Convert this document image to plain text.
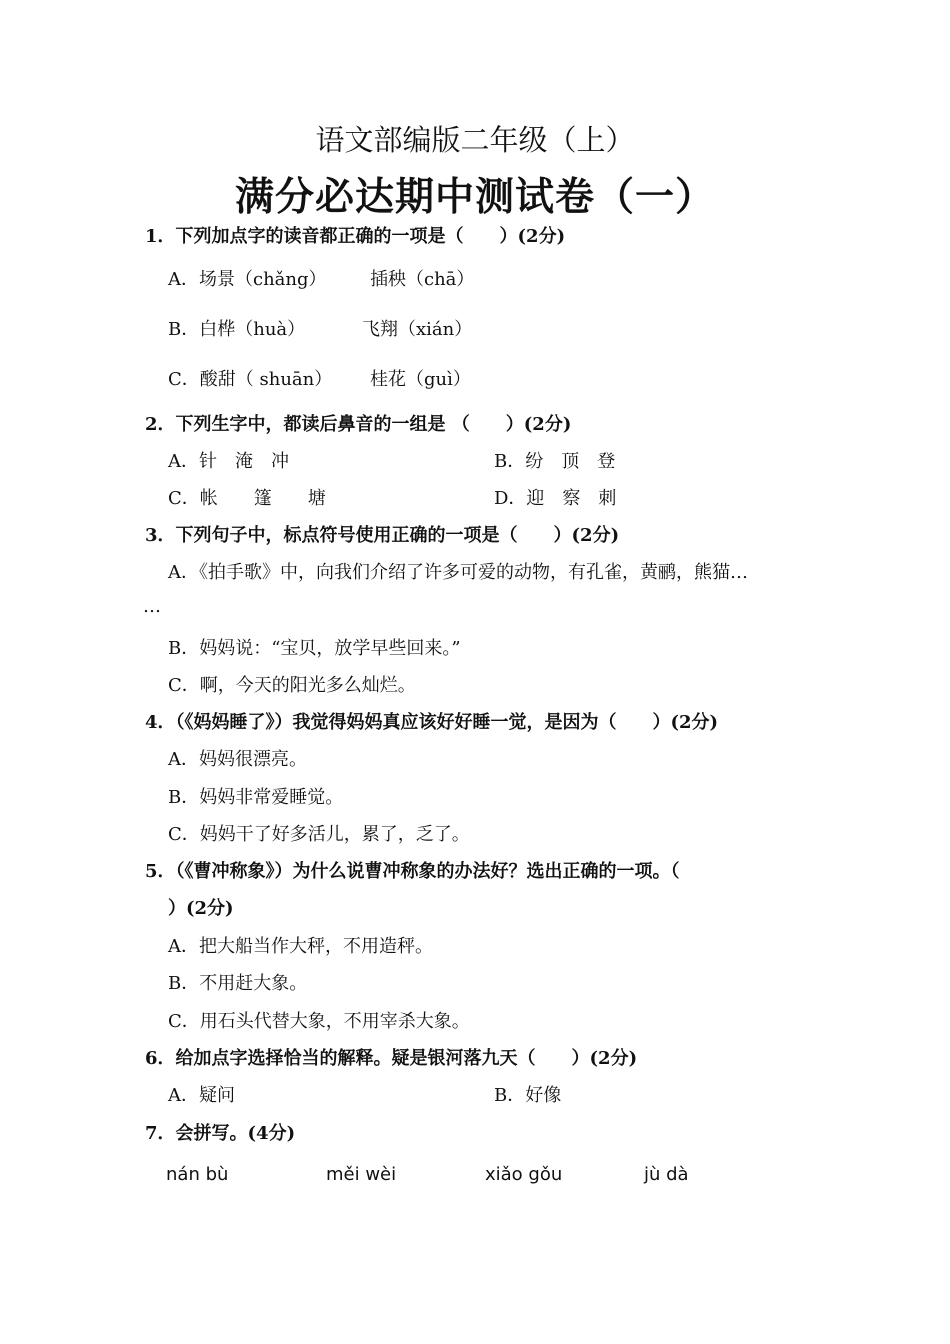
语文部编版二年级（上）
满分必达期中测试卷（一）
1．下列加点字的读音都正确的一项是（　　）(2分)
A．场景（chǎng） 插秧（chā）
B．白桦（huà）	飞翔（xián）
C．酸甜（ shuān） 桂花（guì）
2．下列生字中，都读后鼻音的一组是 （　　）(2分)
A．针　淹　冲	B．纷　顶　登
C．帐　　篷　　塘	D．迎　察　刺
3．下列句子中，标点符号使用正确的一项是（　　）(2分)
A．《拍手歌》中，向我们介绍了许多可爱的动物，有孔雀，黄鹂，熊猫…
…
B．妈妈说：“宝贝，放学早些回来。”
C．啊，今天的阳光多么灿烂。
4．（《妈妈睡了》）我觉得妈妈真应该好好睡一觉，是因为（　　）(2分)
A．妈妈很漂亮。
B．妈妈非常爱睡觉。
C．妈妈干了好多活儿，累了，乏了。
5．（《曹冲称象》）为什么说曹冲称象的办法好？选出正确的一项。（
）(2分)
A．把大船当作大秤，不用造秤。
B．不用赶大象。
C．用石头代替大象，不用宰杀大象。
6．给加点字选择恰当的解释。疑是银河落九天（　　）(2分)
A．疑问	B．好像
7．会拼写。(4分)
nán bù	měi wèi	xiǎo gǒu	jù dà
